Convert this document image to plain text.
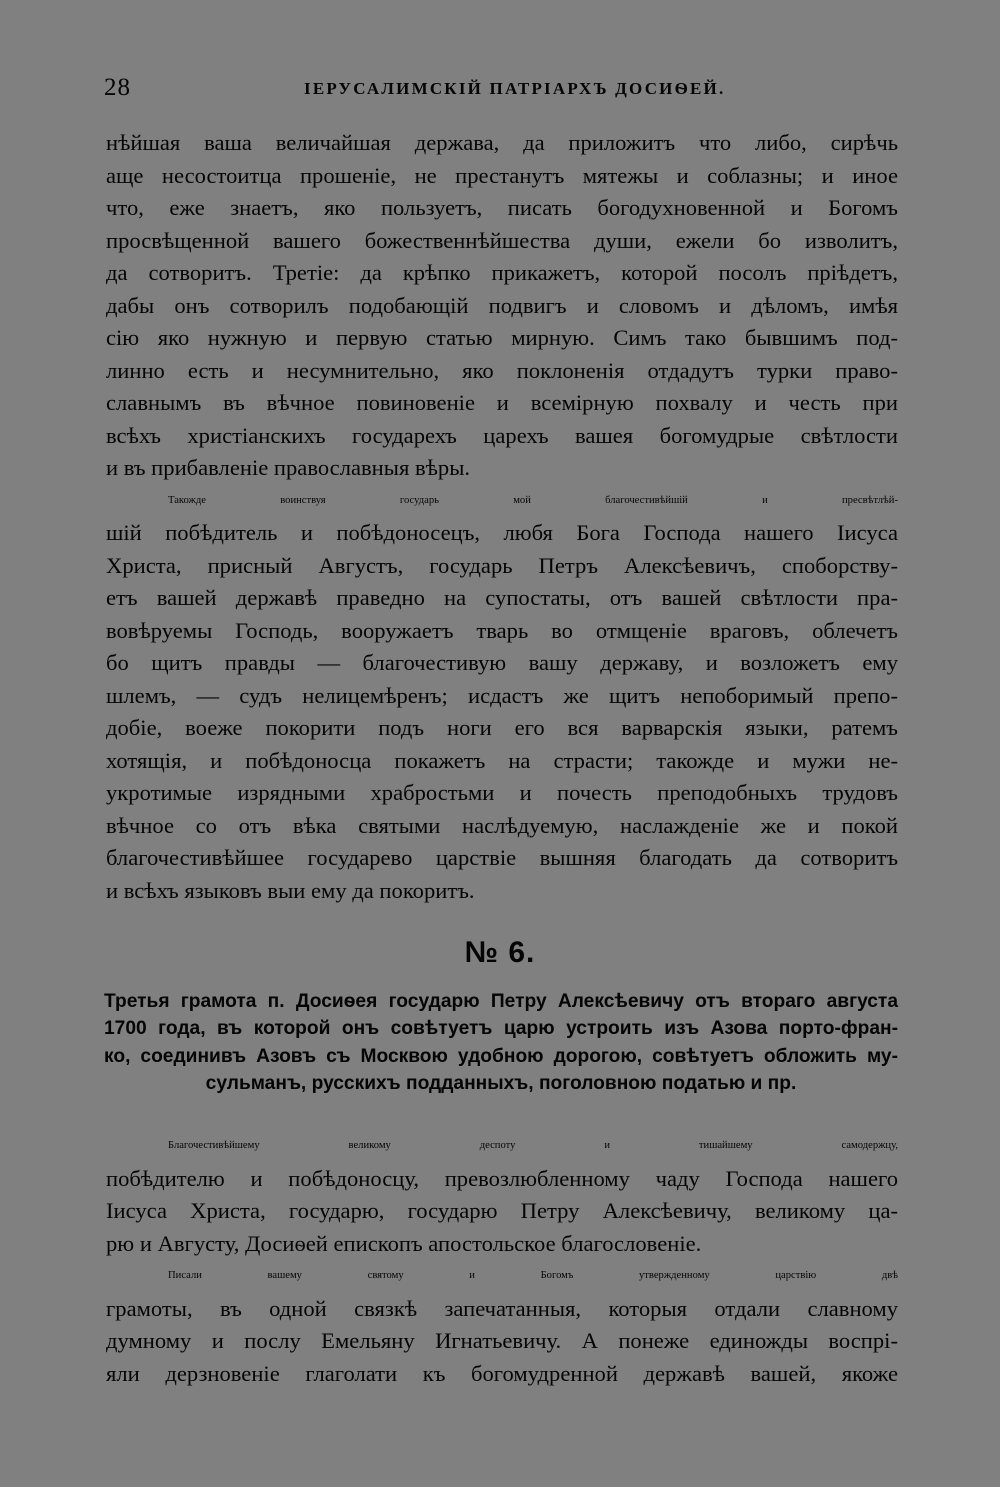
28	ІЕРУСАЛИМСКІЙ ПАТРІАРХЪ ДОСИѲЕЙ.
нѣйшая ваша величайшая держава, да приложитъ что либо, сирѣчь
аще несостоитца прошеніе, не престанутъ мятежы и соблазны; и иное
что, еже знаетъ, яко пользуетъ, писать богодухновенной и Богомъ
просвѣщенной вашего божественнѣйшества души, ежели бо изволитъ,
да сотворитъ. Третіе: да крѣпко прикажетъ, которой посолъ пріѣдетъ,
дабы онъ сотворилъ подобающій подвигъ и словомъ и дѣломъ, имѣя
сію яко нужную и первую статью мирную. Симъ тако бывшимъ под-
линно есть и несумнительно, яко поклоненія отдадутъ турки право-
славнымъ въ вѣчное повиновеніе и всемірную похвалу и честь при
всѣхъ христіанскихъ государехъ царехъ вашея богомудрые свѣтлости
и въ прибавленіе православныя вѣры.
Такожде воинствуя государь мой благочестивѣйшій и пресвѣтлѣй-
шій побѣдитель и побѣдоносецъ, любя Бога Господа нашего Іисуса
Христа, присный Августъ, государь Петръ Алексѣевичъ, споборству-
етъ вашей державѣ праведно на супостаты, отъ вашей свѣтлости пра-
вовѣруемы Господь, вооружаетъ тварь во отмщеніе враговъ, облечетъ
бо щитъ правды — благочестивую вашу державу, и возложетъ ему
шлемъ, — судъ нелицемѣренъ; исдастъ же щитъ непоборимый препо-
добіе, воеже покорити подъ ноги его вся варварскія языки, ратемъ
хотящія, и побѣдоносца покажетъ на страсти; такожде и мужи не-
укротимые изрядными храбростьми и почесть преподобныхъ трудовъ
вѣчное со отъ вѣка святыми наслѣдуемую, наслажденіе же и покой
благочестивѣйшее государево царствіе вышняя благодать да сотворитъ
и всѣхъ языковъ выи ему да покоритъ.
№ 6.
Третья грамота п. Досиѳея государю Петру Алексѣевичу отъ втораго августа
1700 года, въ которой онъ совѣтуетъ царю устроить изъ Азова порто-фран-
ко, соединивъ Азовъ съ Москвою удобною дорогою, совѣтуетъ обложить му-
сульманъ, русскихъ подданныхъ, поголовною податью и пр.
Благочестивѣйшему великому деспоту и тишайшему самодержцу,
побѣдителю и побѣдоносцу, превозлюбленному чаду Господа нашего
Іисуса Христа, государю, государю Петру Алексѣевичу, великому ца-
рю и Августу, Досиѳей епископъ апостольское благословеніе.
Писали вашему святому и Богомъ утвержденному царствію двѣ
грамоты, въ одной связкѣ запечатанныя, которыя отдали славному
думному и послу Емельяну Игнатьевичу. А понеже единожды воспрі-
яли дерзновеніе глаголати къ богомудренной державѣ вашей, якоже
